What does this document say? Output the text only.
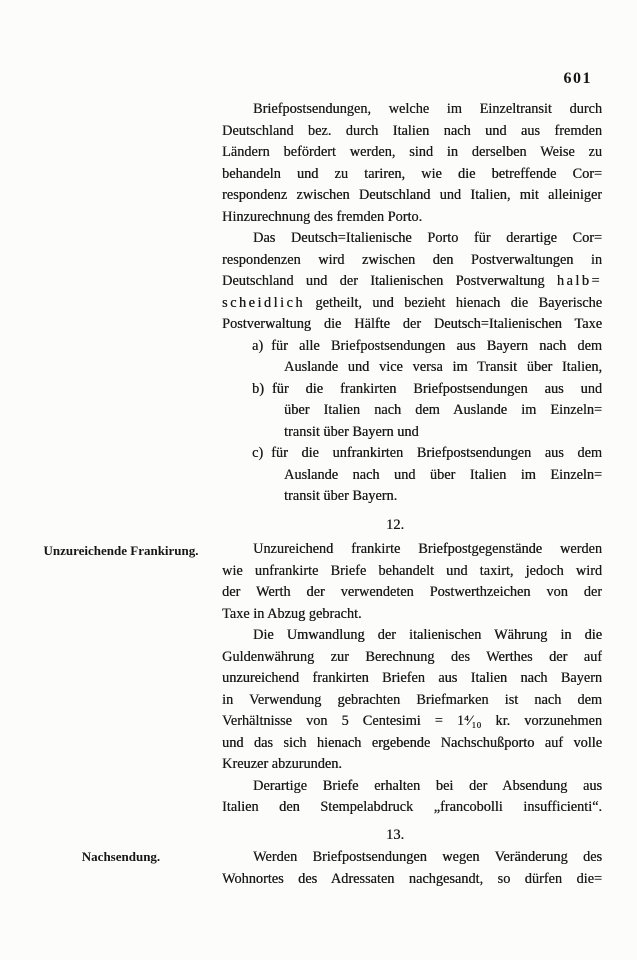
601
Unzureichende Frankirung.
Nachsendung.
Briefpostsendungen, welche im Einzeltransit durch
Deutschland bez. durch Italien nach und aus fremden
Ländern befördert werden, sind in derselben Weise zu
behandeln und zu tariren, wie die betreffende Cor=
respondenz zwischen Deutschland und Italien, mit alleiniger
Hinzurechnung des fremden Porto.
Das Deutsch=Italienische Porto für derartige Cor=
respondenzen wird zwischen den Postverwaltungen in
Deutschland und der Italienischen Postverwaltung halb=
scheidlich getheilt, und bezieht hienach die Bayerische
Postverwaltung die Hälfte der Deutsch=Italienischen Taxe
a) für alle Briefpostsendungen aus Bayern nach dem
Auslande und vice versa im Transit über Italien,
b) für die frankirten Briefpostsendungen aus und
über Italien nach dem Auslande im Einzeln=
transit über Bayern und
c) für die unfrankirten Briefpostsendungen aus dem
Auslande nach und über Italien im Einzeln=
transit über Bayern.
12.
Unzureichend frankirte Briefpostgegenstände werden
wie unfrankirte Briefe behandelt und taxirt, jedoch wird
der Werth der verwendeten Postwerthzeichen von der
Taxe in Abzug gebracht.
Die Umwandlung der italienischen Währung in die
Guldenwährung zur Berechnung des Werthes der auf
unzureichend frankirten Briefen aus Italien nach Bayern
in Verwendung gebrachten Briefmarken ist nach dem
Verhältnisse von 5 Centesimi = 1⁴⁄₁₀ kr. vorzunehmen
und das sich hienach ergebende Nachschußporto auf volle
Kreuzer abzurunden.
Derartige Briefe erhalten bei der Absendung aus
Italien den Stempelabdruck „francobolli insufficienti“.
13.
Werden Briefpostsendungen wegen Veränderung des
Wohnortes des Adressaten nachgesandt, so dürfen die=
